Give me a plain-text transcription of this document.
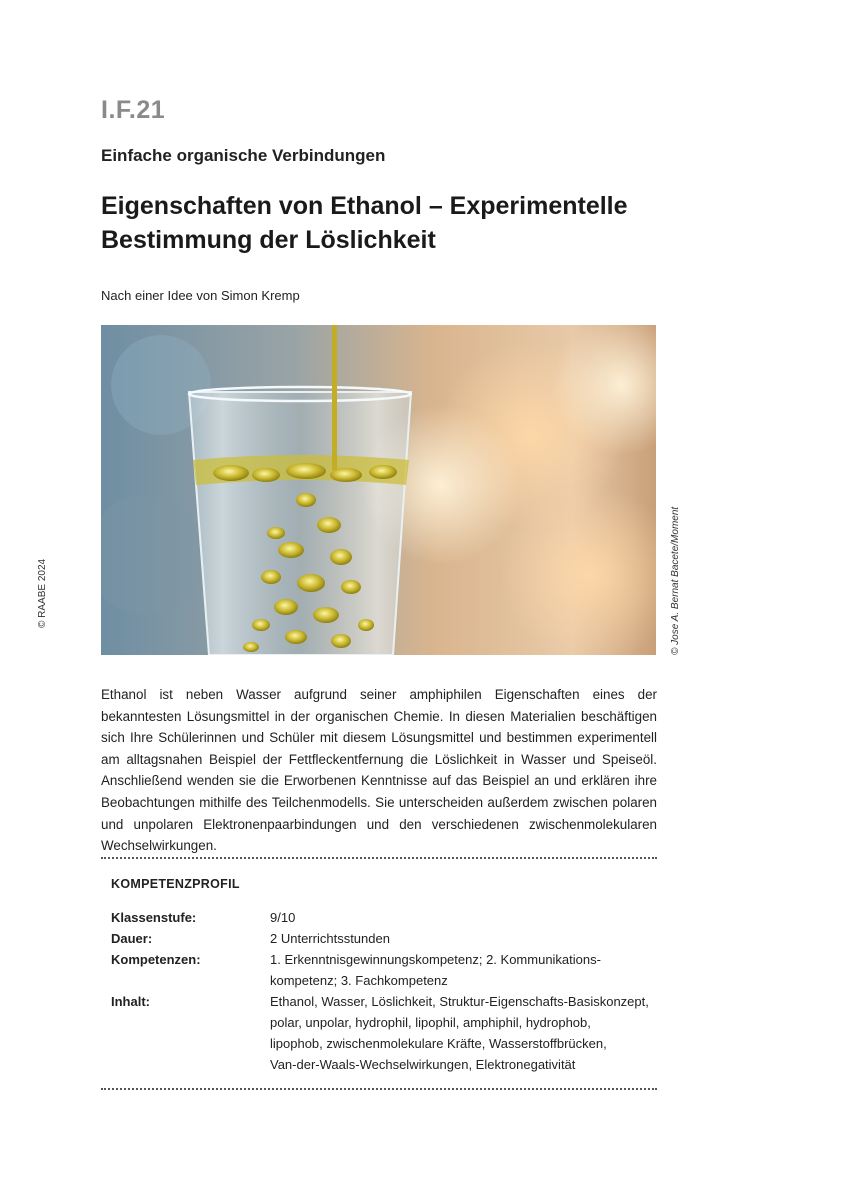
I.F.21
Einfache organische Verbindungen
Eigenschaften von Ethanol – Experimentelle
Bestimmung der Löslichkeit
Nach einer Idee von Simon Kremp
© Jose A. Bernat Bacete/Moment
© RAABE 2024
Ethanol ist neben Wasser aufgrund seiner amphiphilen Eigenschaften eines der bekanntesten Lösungsmittel in der organischen Chemie. In diesen Materialien beschäftigen sich Ihre Schülerinnen und Schüler mit diesem Lösungsmittel und bestimmen experimentell am alltagsnahen Beispiel der Fettfleckentfernung die Löslichkeit in Wasser und Speiseöl. Anschließend wenden sie die Erworbenen Kenntnisse auf das Beispiel an und erklären ihre Beobachtungen mithilfe des Teilchenmodells. Sie unterscheiden außerdem zwischen polaren und unpolaren Elektronenpaarbindungen und den verschiedenen zwischenmolekularen Wechselwirkungen.
KOMPETENZPROFIL
Klassenstufe:	9/10
Dauer:	2 Unterrichtsstunden
Kompetenzen:	1. Erkenntnisgewinnungskompetenz; 2. Kommunikations-
kompetenz; 3. Fachkompetenz
Inhalt:	Ethanol, Wasser, Löslichkeit, Struktur-Eigenschafts-Basiskonzept,
polar, unpolar, hydrophil, lipophil, amphiphil, hydrophob,
lipophob, zwischenmolekulare Kräfte, Wasserstoffbrücken,
Van-der-Waals-Wechselwirkungen, Elektronegativität
